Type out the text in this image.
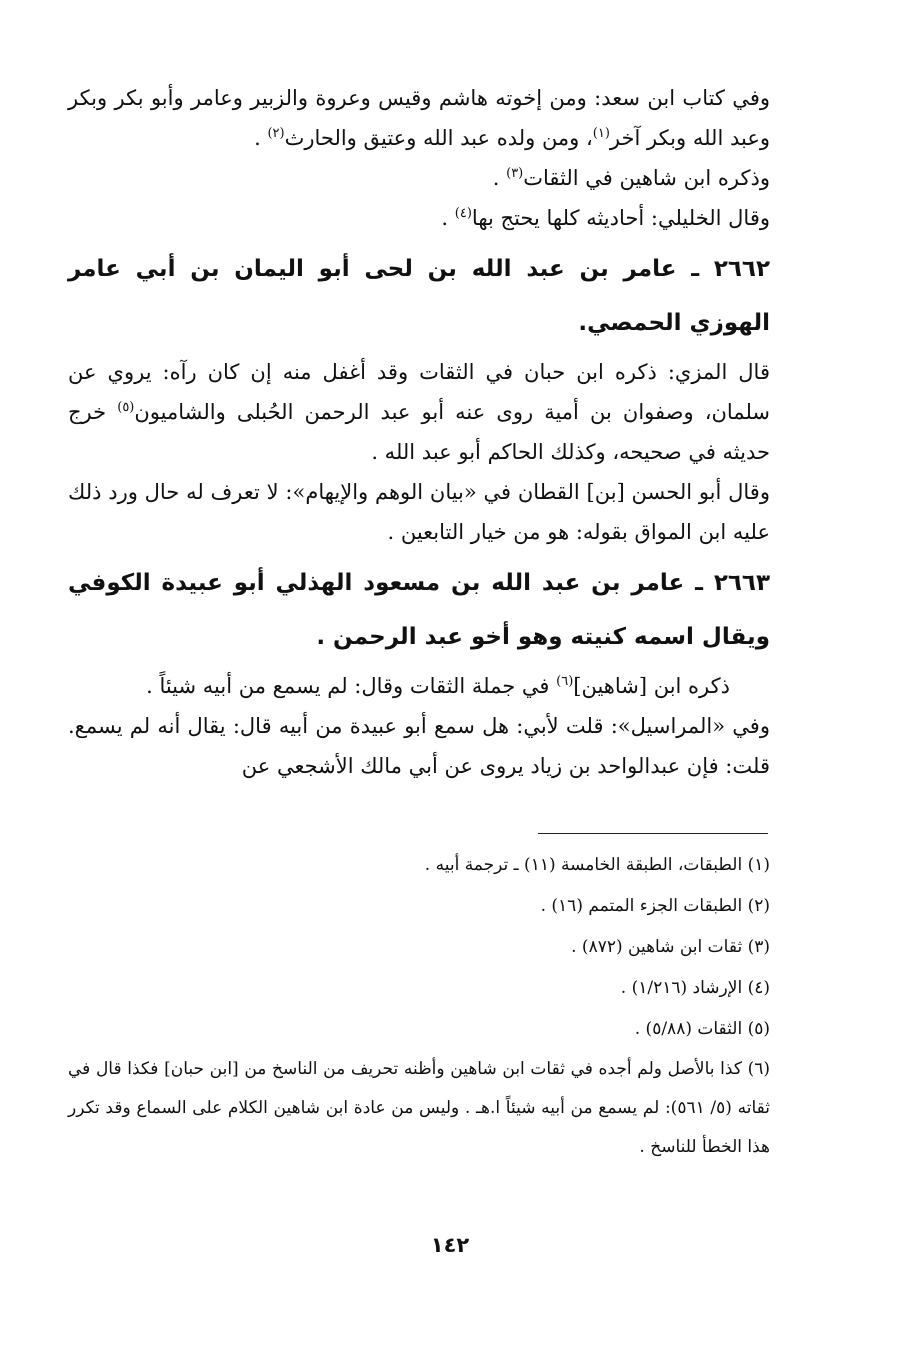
وفي كتاب ابن سعد: ومن إخوته هاشم وقيس وعروة والزبير وعامر وأبو بكر وبكر وعبد الله وبكر آخر$^{(١)}$، ومن ولده عبد الله وعتيق والحارث$^{(٢)}$ .

وذكره ابن شاهين في الثقات$^{(٣)}$ .

وقال الخليلي: أحاديثه كلها يحتج بها$^{(٤)}$ .

٢٦٦٢ ـ عامر بن عبد الله بن لحى أبو اليمان بن أبي عامر الهوزي الحمصي.

قال المزي: ذكره ابن حبان في الثقات وقد أغفل منه إن كان رآه: يروي عن سلمان، وصفوان بن أمية روى عنه أبو عبد الرحمن الحُبلى والشاميون$^{(٥)}$ خرج حديثه في صحيحه، وكذلك الحاكم أبو عبد الله .

وقال أبو الحسن [بن] القطان في «بيان الوهم والإيهام»: لا تعرف له حال ورد ذلك عليه ابن المواق بقوله: هو من خيار التابعين .

٢٦٦٣ ـ عامر بن عبد الله بن مسعود الهذلي أبو عبيدة الكوفي ويقال اسمه كنيته وهو أخو عبد الرحمن .

ذكره ابن [شاهين]$^{(٦)}$ في جملة الثقات وقال: لم يسمع من أبيه شيئاً .

وفي «المراسيل»: قلت لأبي: هل سمع أبو عبيدة من أبيه قال: يقال أنه لم يسمع. قلت: فإن عبدالواحد بن زياد يروى عن أبي مالك الأشجعي عن

(١) الطبقات، الطبقة الخامسة (١١) ـ ترجمة أبيه .

(٢) الطبقات الجزء المتمم (١٦) .

(٣) ثقات ابن شاهين (٨٧٢) .

(٤) الإرشاد (١/٢١٦) .

(٥) الثقات (٥/٨٨) .

(٦) كذا بالأصل ولم أجده في ثقات ابن شاهين وأظنه تحريف من الناسخ من [ابن حبان] فكذا قال في ثقاته (٥/ ٥٦١): لم يسمع من أبيه شيئاً ا.هـ . وليس من عادة ابن شاهين الكلام على السماع وقد تكرر هذا الخطأ للناسخ .

١٤٢
